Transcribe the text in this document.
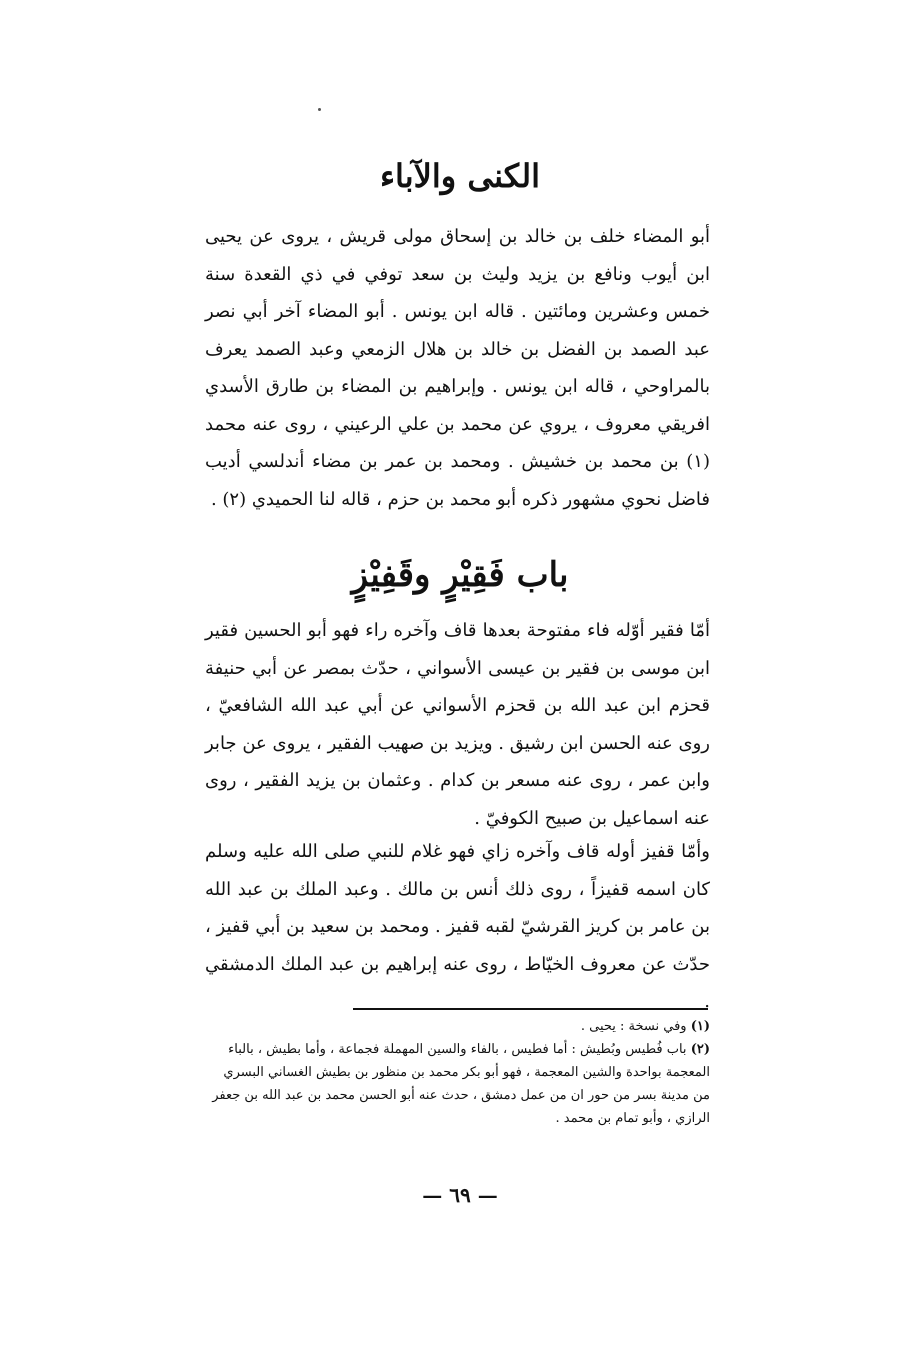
الكنى والآباء

أبو المضاء خلف بن خالد بن إسحاق مولى قريش ، يروى عن يحيى ابن أيوب ونافع بن يزيد وليث بن سعد توفي في ذي القعدة سنة خمس وعشرين ومائتين . قاله ابن يونس . أبو المضاء آخر أبي نصر عبد الصمد بن الفضل بن خالد بن هلال الزمعي وعبد الصمد يعرف بالمراوحي ، قاله ابن يونس . وإبراهيم بن المضاء بن طارق الأسدي افريقي معروف ، يروي عن محمد بن علي الرعيني ، روى عنه محمد (١) بن محمد بن خشيش . ومحمد بن عمر بن مضاء أندلسي أديب فاضل نحوي مشهور ذكره أبو محمد بن حزم ، قاله لنا الحميدي (٢) .

باب فَقِيْرٍ وقَفِيْزٍ

أمّا فقير أوّله فاء مفتوحة بعدها قاف وآخره راء فهو أبو الحسين فقير ابن موسى بن فقير بن عيسى الأسواني ، حدّث بمصر عن أبي حنيفة قحزم ابن عبد الله بن قحزم الأسواني عن أبي عبد الله الشافعيّ ، روى عنه الحسن ابن رشيق . ويزيد بن صهيب الفقير ، يروى عن جابر وابن عمر ، روى عنه مسعر بن كدام . وعثمان بن يزيد الفقير ، روى عنه اسماعيل بن صبيح الكوفيّ .

وأمّا قفيز أوله قاف وآخره زاي فهو غلام للنبي صلى الله عليه وسلم كان اسمه قفيزاً ، روى ذلك أنس بن مالك . وعبد الملك بن عبد الله بن عامر بن كريز القرشيّ لقبه قفيز . ومحمد بن سعيد بن أبي قفيز ، حدّث عن معروف الخيّاط ، روى عنه إبراهيم بن عبد الملك الدمشقي .

(١) وفي نسخة : يحيى .

(٢) باب فُطيس وبُطيش : أما فطيس ، بالفاء والسين المهملة فجماعة ، وأما بطيش ، بالباء المعجمة بواحدة والشين المعجمة ، فهو أبو بكر محمد بن منظور بن بطيش الغساني البسري من مدينة بسر من حور ان من عمل دمشق ، حدث عنه أبو الحسن محمد بن عبد الله بن جعفر الرازي ، وأبو تمام بن محمد .

— ٦٩ —
